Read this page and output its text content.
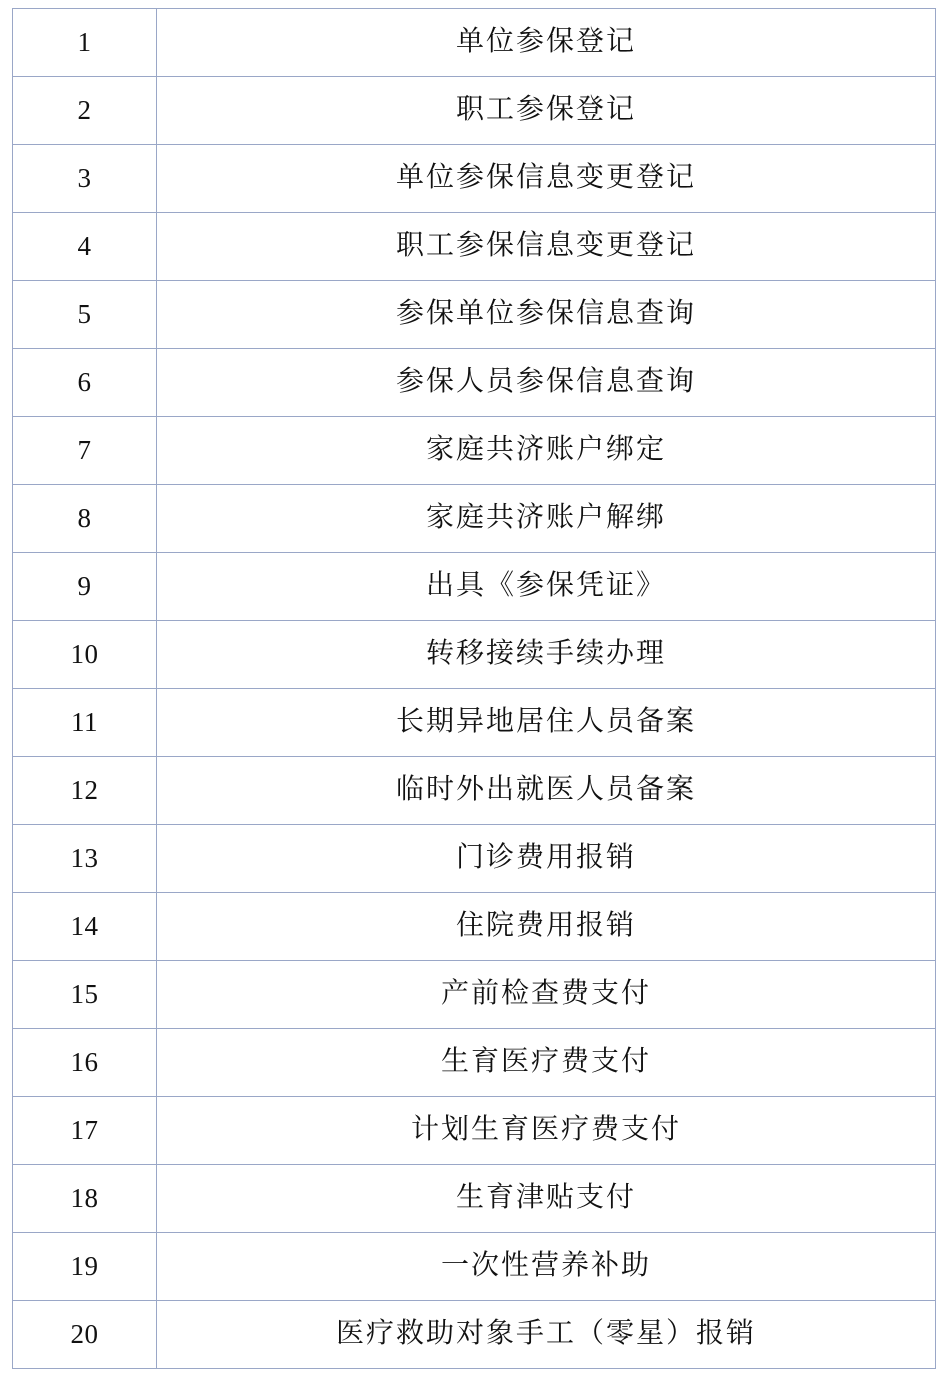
1	单位参保登记

2	职工参保登记

3	单位参保信息变更登记

4	职工参保信息变更登记

5	参保单位参保信息查询

6	参保人员参保信息查询

7	家庭共济账户绑定

8	家庭共济账户解绑

9	出具《参保凭证》

10	转移接续手续办理

11	长期异地居住人员备案

12	临时外出就医人员备案

13	门诊费用报销

14	住院费用报销

15	产前检查费支付

16	生育医疗费支付

17	计划生育医疗费支付

18	生育津贴支付

19	一次性营养补助

20	医疗救助对象手工（零星）报销
